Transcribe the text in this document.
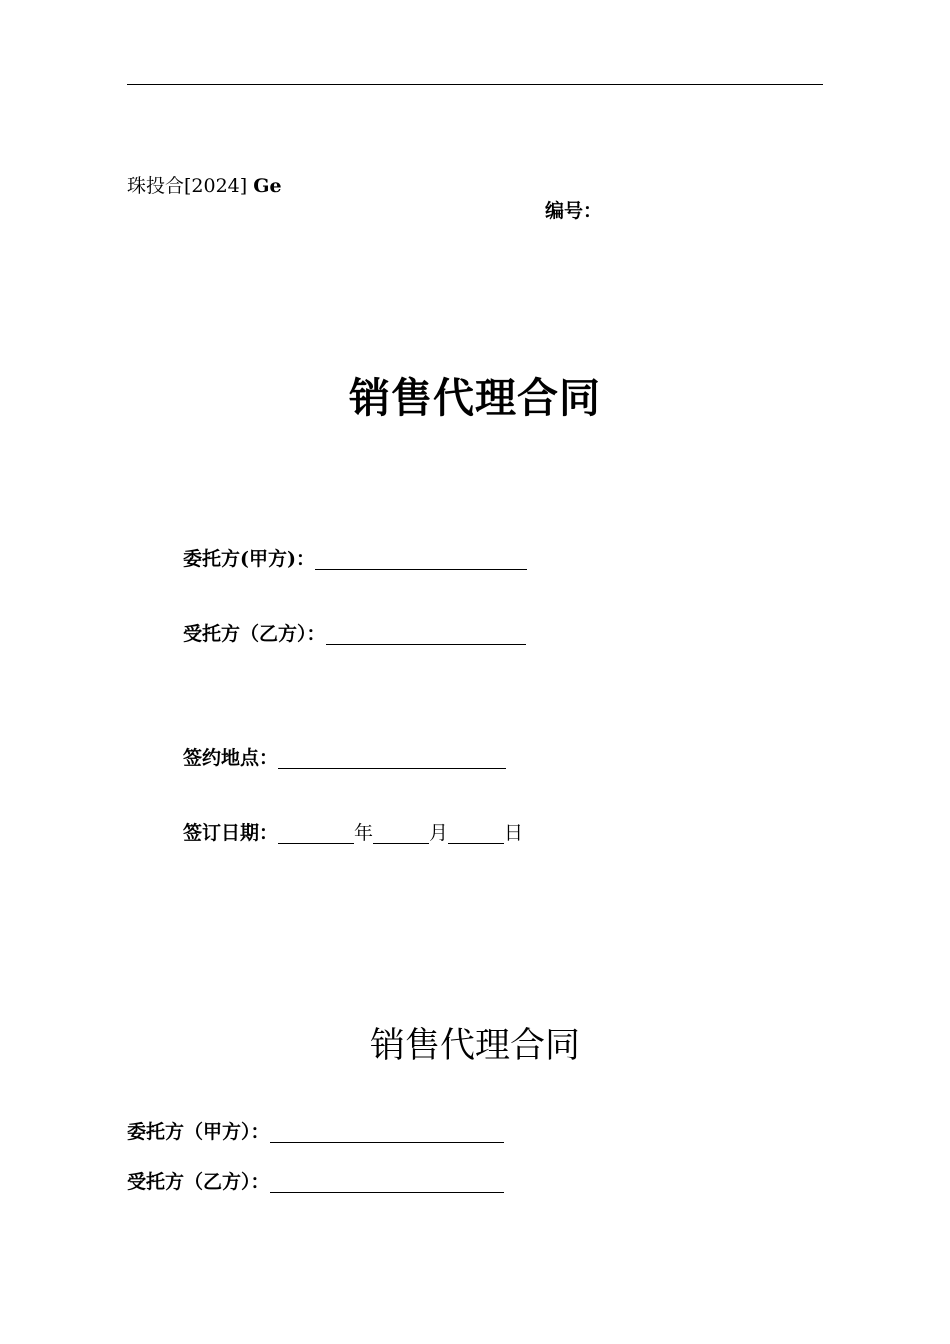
珠投合[2024] Ge
编号：
销售代理合同
委托方(甲方)：
受托方（乙方）：
签约地点：
签订日期：	年	月	日
销售代理合同
委托方（甲方）：
受托方（乙方）：
